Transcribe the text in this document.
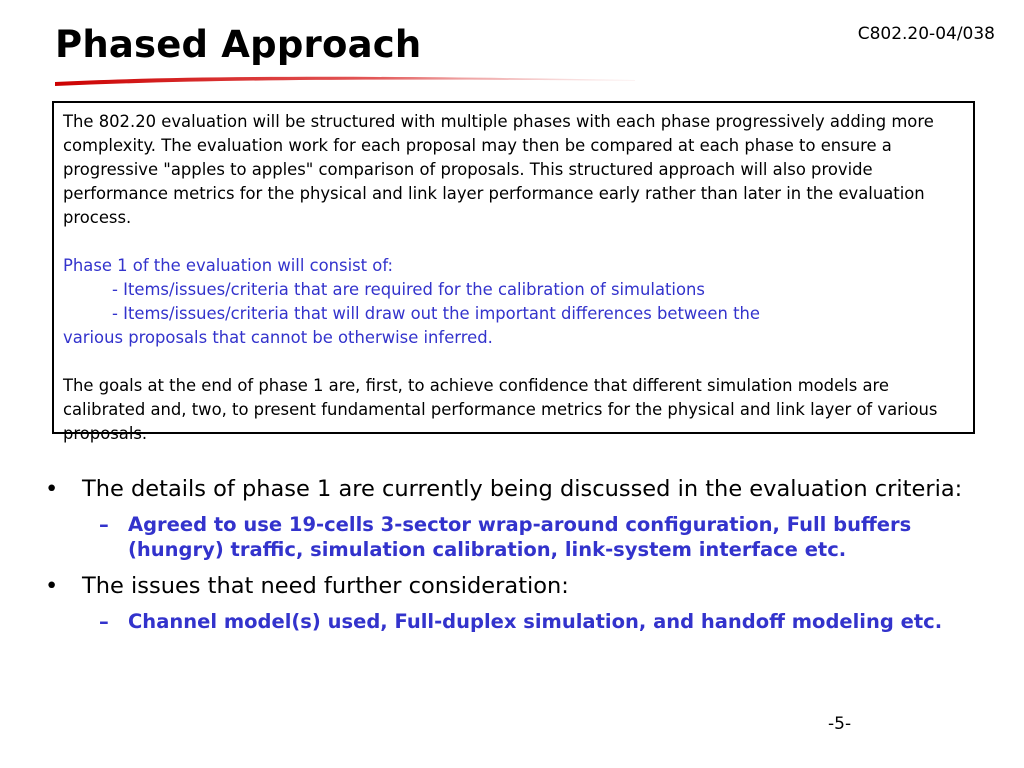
C802.20-04/038
Phased Approach

The 802.20 evaluation will be structured with multiple phases with each phase progressively adding more complexity. The evaluation work for each proposal may then be compared at each phase to ensure a progressive "apples to apples" comparison of proposals. This structured approach will also provide performance metrics for the physical and link layer performance early rather than later in the evaluation process.

Phase 1 of the evaluation will consist of:

- Items/issues/criteria that are required for the calibration of simulations

- Items/issues/criteria that will draw out the important differences between the

various proposals that cannot be otherwise inferred.

The goals at the end of phase 1 are, first, to achieve confidence that different simulation models are calibrated and, two, to present fundamental performance metrics for the physical and link layer of various proposals.

• The details of phase 1 are currently being discussed in the evaluation criteria:
– Agreed to use 19-cells 3-sector wrap-around configuration, Full buffers (hungry) traffic, simulation calibration, link-system interface etc.
• The issues that need further consideration:
– Channel model(s) used, Full-duplex simulation, and handoff modeling etc.
-5-
